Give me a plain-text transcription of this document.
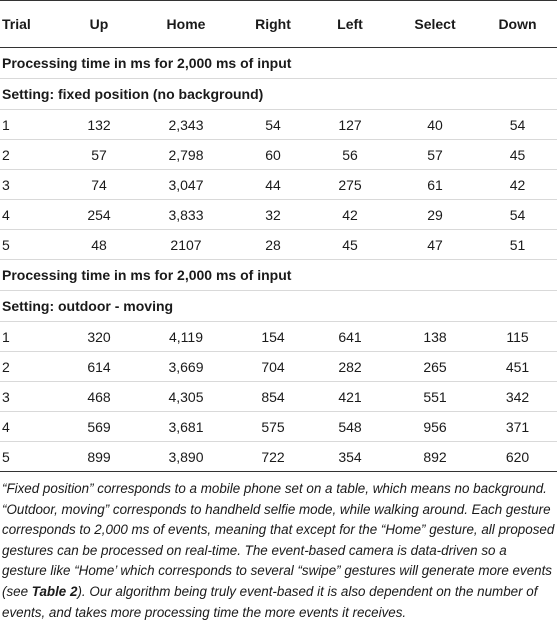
Trial	Up	Home	Right	Left	Select	Down
Processing time in ms for 2,000 ms of input						
Setting: fixed position (no background)						
1	132	2,343	54	127	40	54
2	57	2,798	60	56	57	45
3	74	3,047	44	275	61	42
4	254	3,833	32	42	29	54
5	48	2107	28	45	47	51
Processing time in ms for 2,000 ms of input						
Setting: outdoor - moving						
1	320	4,119	154	641	138	115
2	614	3,669	704	282	265	451
3	468	4,305	854	421	551	342
4	569	3,681	575	548	956	371
5	899	3,890	722	354	892	620
“Fixed position” corresponds to a mobile phone set on a table, which means no background. “Outdoor, moving” corresponds to handheld selfie mode, while walking around. Each gesture corresponds to 2,000 ms of events, meaning that except for the “Home” gesture, all proposed gestures can be processed on real-time. The event-based camera is data-driven so a gesture like “Home’ which corresponds to several “swipe” gestures will generate more events (see Table 2). Our algorithm being truly event-based it is also dependent on the number of events, and takes more processing time the more events it receives.
